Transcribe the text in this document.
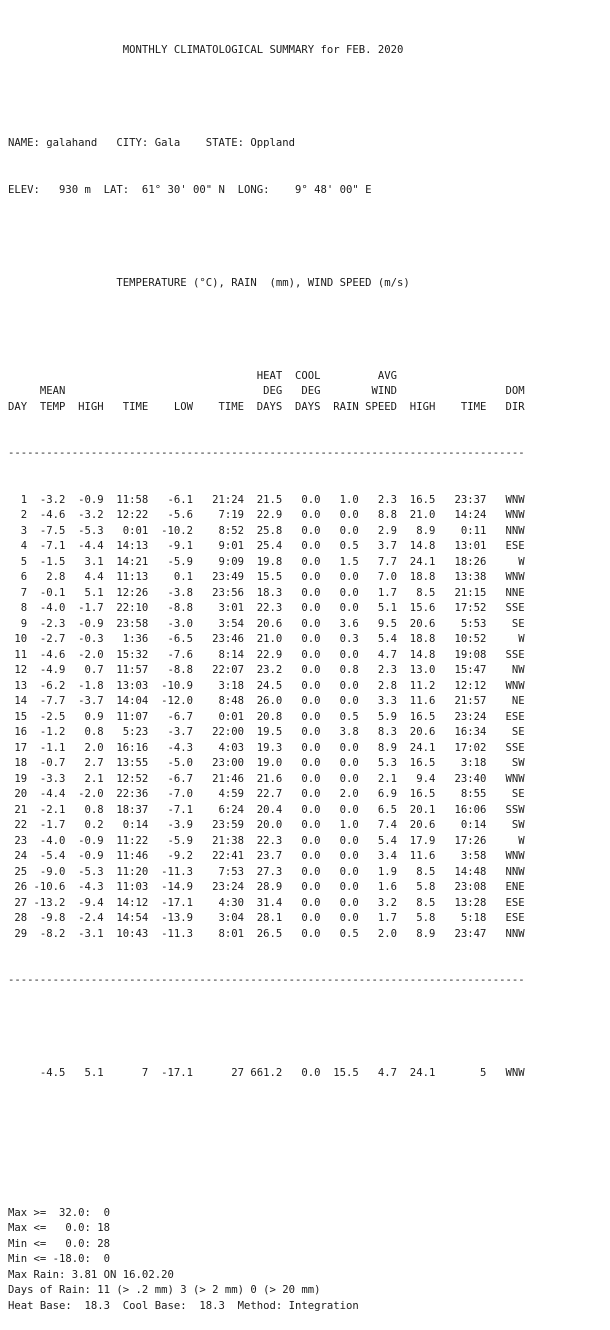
MONTHLY CLIMATOLOGICAL SUMMARY for FEB. 2020

NAME: galahand   CITY: Gala    STATE: Oppland

ELEV:   930 m  LAT:  61° 30' 00" N  LONG:    9° 48' 00" E

TEMPERATURE (°C), RAIN  (mm), WIND SPEED (m/s)

HEAT  COOL         AVG
MEAN                               DEG   DEG        WIND                 DOM
DAY  TEMP  HIGH   TIME    LOW    TIME  DAYS  DAYS  RAIN SPEED  HIGH    TIME   DIR

---------------------------------------------------------------------------------

1  -3.2  -0.9  11:58   -6.1   21:24  21.5   0.0   1.0   2.3  16.5   23:37   WNW
2  -4.6  -3.2  12:22   -5.6    7:19  22.9   0.0   0.0   8.8  21.0   14:24   WNW
3  -7.5  -5.3   0:01  -10.2    8:52  25.8   0.0   0.0   2.9   8.9    0:11   NNW
4  -7.1  -4.4  14:13   -9.1    9:01  25.4   0.0   0.5   3.7  14.8   13:01   ESE
5  -1.5   3.1  14:21   -5.9    9:09  19.8   0.0   1.5   7.7  24.1   18:26     W
6   2.8   4.4  11:13    0.1   23:49  15.5   0.0   0.0   7.0  18.8   13:38   WNW
7  -0.1   5.1  12:26   -3.8   23:56  18.3   0.0   0.0   1.7   8.5   21:15   NNE
8  -4.0  -1.7  22:10   -8.8    3:01  22.3   0.0   0.0   5.1  15.6   17:52   SSE
9  -2.3  -0.9  23:58   -3.0    3:54  20.6   0.0   3.6   9.5  20.6    5:53    SE
10  -2.7  -0.3   1:36   -6.5   23:46  21.0   0.0   0.3   5.4  18.8   10:52     W
11  -4.6  -2.0  15:32   -7.6    8:14  22.9   0.0   0.0   4.7  14.8   19:08   SSE
12  -4.9   0.7  11:57   -8.8   22:07  23.2   0.0   0.8   2.3  13.0   15:47    NW
13  -6.2  -1.8  13:03  -10.9    3:18  24.5   0.0   0.0   2.8  11.2   12:12   WNW
14  -7.7  -3.7  14:04  -12.0    8:48  26.0   0.0   0.0   3.3  11.6   21:57    NE
15  -2.5   0.9  11:07   -6.7    0:01  20.8   0.0   0.5   5.9  16.5   23:24   ESE
16  -1.2   0.8   5:23   -3.7   22:00  19.5   0.0   3.8   8.3  20.6   16:34    SE
17  -1.1   2.0  16:16   -4.3    4:03  19.3   0.0   0.0   8.9  24.1   17:02   SSE
18  -0.7   2.7  13:55   -5.0   23:00  19.0   0.0   0.0   5.3  16.5    3:18    SW
19  -3.3   2.1  12:52   -6.7   21:46  21.6   0.0   0.0   2.1   9.4   23:40   WNW
20  -4.4  -2.0  22:36   -7.0    4:59  22.7   0.0   2.0   6.9  16.5    8:55    SE
21  -2.1   0.8  18:37   -7.1    6:24  20.4   0.0   0.0   6.5  20.1   16:06   SSW
22  -1.7   0.2   0:14   -3.9   23:59  20.0   0.0   1.0   7.4  20.6    0:14    SW
23  -4.0  -0.9  11:22   -5.9   21:38  22.3   0.0   0.0   5.4  17.9   17:26     W
24  -5.4  -0.9  11:46   -9.2   22:41  23.7   0.0   0.0   3.4  11.6    3:58   WNW
25  -9.0  -5.3  11:20  -11.3    7:53  27.3   0.0   0.0   1.9   8.5   14:48   NNW
26 -10.6  -4.3  11:03  -14.9   23:24  28.9   0.0   0.0   1.6   5.8   23:08   ENE
27 -13.2  -9.4  14:12  -17.1    4:30  31.4   0.0   0.0   3.2   8.5   13:28   ESE
28  -9.8  -2.4  14:54  -13.9    3:04  28.1   0.0   0.0   1.7   5.8    5:18   ESE
29  -8.2  -3.1  10:43  -11.3    8:01  26.5   0.0   0.5   2.0   8.9   23:47   NNW

---------------------------------------------------------------------------------

-4.5   5.1      7  -17.1      27 661.2   0.0  15.5   4.7  24.1       5   WNW

Max >=  32.0:  0
Max <=   0.0: 18
Min <=   0.0: 28
Min <= -18.0:  0
Max Rain: 3.81 ON 16.02.20
Days of Rain: 11 (> .2 mm) 3 (> 2 mm) 0 (> 20 mm)
Heat Base:  18.3  Cool Base:  18.3  Method: Integration
